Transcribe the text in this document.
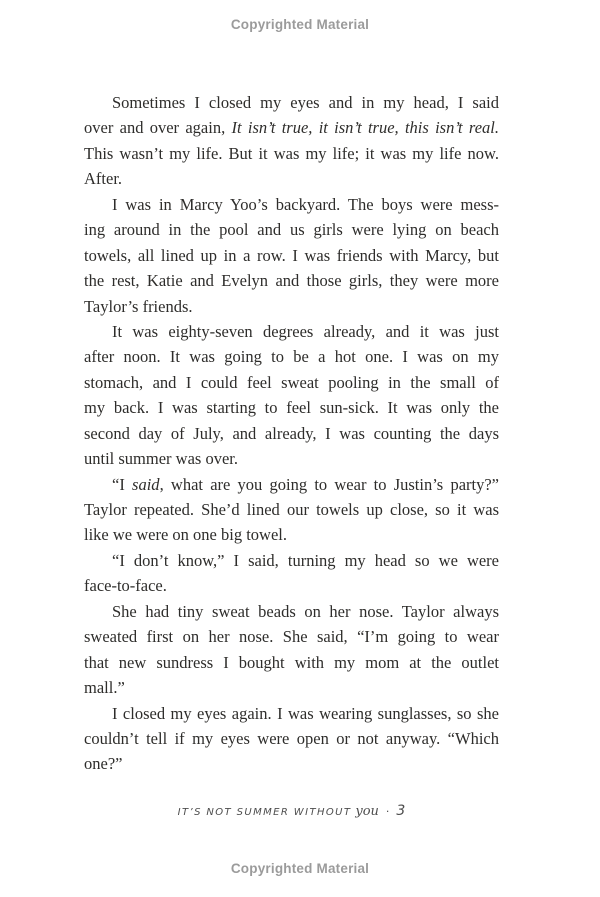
Copyrighted Material
Sometimes I closed my eyes and in my head, I said
over and over again, It isn’t true, it isn’t true, this isn’t real.
This wasn’t my life. But it was my life; it was my life now.
After.
I was in Marcy Yoo’s backyard. The boys were mess-
ing around in the pool and us girls were lying on beach
towels, all lined up in a row. I was friends with Marcy, but
the rest, Katie and Evelyn and those girls, they were more
Taylor’s friends.
It was eighty-seven degrees already, and it was just
after noon. It was going to be a hot one. I was on my
stomach, and I could feel sweat pooling in the small of
my back. I was starting to feel sun-sick. It was only the
second day of July, and already, I was counting the days
until summer was over.
“I said, what are you going to wear to Justin’s party?”
Taylor repeated. She’d lined our towels up close, so it was
like we were on one big towel.
“I don’t know,” I said, turning my head so we were
face-to-face.
She had tiny sweat beads on her nose. Taylor always
sweated first on her nose. She said, “I’m going to wear
that new sundress I bought with my mom at the outlet
mall.”
I closed my eyes again. I was wearing sunglasses, so she
couldn’t tell if my eyes were open or not anyway. “Which
one?”
IT’S NOT SUMMER WITHOUT you · 3
Copyrighted Material
